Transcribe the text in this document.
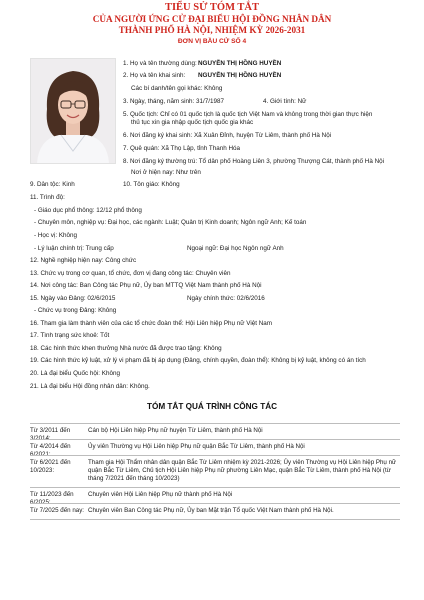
TIỂU SỬ TÓM TẮT
CỦA NGƯỜI ỨNG CỬ ĐẠI BIỂU HỘI ĐỒNG NHÂN DÂN
THÀNH PHỐ HÀ NỘI, NHIỆM KỲ 2026-2031
ĐƠN VỊ BẦU CỬ SỐ 4
1. Họ và tên thường dùng: NGUYỄN THỊ HỒNG HUYỀN
2. Họ và tên khai sinh: NGUYỄN THỊ HỒNG HUYỀN
Các bí danh/tên gọi khác: Không
3. Ngày, tháng, năm sinh: 31/7/1987	4. Giới tính: Nữ
5. Quốc tịch: Chỉ có 01 quốc tịch là quốc tịch Việt Nam và không trong thời gian thực hiện
thủ tục xin gia nhập quốc tịch quốc gia khác
6. Nơi đăng ký khai sinh: Xã Xuân Đỉnh, huyện Từ Liêm, thành phố Hà Nội
7. Quê quán: Xã Thọ Lập, tỉnh Thanh Hóa
8. Nơi đăng ký thường trú: Tổ dân phố Hoàng Liên 3, phường Thượng Cát, thành phố Hà Nội
Nơi ở hiện nay: Như trên
9. Dân tộc: Kinh	10. Tôn giáo: Không
11. Trình độ:
- Giáo dục phổ thông: 12/12 phổ thông
- Chuyên môn, nghiệp vụ: Đại học, các ngành: Luật; Quản trị Kinh doanh; Ngôn ngữ Anh; Kế toán
- Học vị: Không
- Lý luận chính trị: Trung cấp	Ngoại ngữ: Đại học Ngôn ngữ Anh
12. Nghề nghiệp hiện nay: Công chức
13. Chức vụ trong cơ quan, tổ chức, đơn vị đang công tác: Chuyên viên
14. Nơi công tác: Ban Công tác Phụ nữ, Ủy ban MTTQ Việt Nam thành phố Hà Nội
15. Ngày vào Đảng: 02/6/2015	Ngày chính thức: 02/6/2016
- Chức vụ trong Đảng: Không
16. Tham gia làm thành viên của các tổ chức đoàn thể: Hội Liên hiệp Phụ nữ Việt Nam
17. Tình trạng sức khoẻ: Tốt
18. Các hình thức khen thưởng Nhà nước đã được trao tặng: Không
19. Các hình thức kỷ luật, xử lý vi phạm đã bị áp dụng (Đảng, chính quyền, đoàn thể): Không bị kỷ luật, không có án tích
20. Là đại biểu Quốc hội: Không
21. Là đại biểu Hội đồng nhân dân: Không.
TÓM TẮT QUÁ TRÌNH CÔNG TÁC
Từ 3/2011 đến 3/2014:
Cán bộ Hội Liên hiệp Phụ nữ huyện Từ Liêm, thành phố Hà Nội
Từ 4/2014 đến 6/2021:
Ủy viên Thường vụ Hội Liên hiệp Phụ nữ quận Bắc Từ Liêm, thành phố Hà Nội
Từ 6/2021 đến 10/2023:
Tham gia Hội Thẩm nhân dân quận Bắc Từ Liêm nhiệm kỳ 2021-2026; Ủy viên Thường vụ Hội Liên hiệp Phụ nữ quận Bắc Từ Liêm, Chủ tịch Hội Liên hiệp Phụ nữ phường Liên Mạc, quận Bắc Từ Liêm, thành phố Hà Nội (từ tháng 7/2021 đến tháng 10/2023)
Từ 11/2023 đến 6/2025:
Chuyên viên Hội Liên hiệp Phụ nữ thành phố Hà Nội
Từ 7/2025 đến nay: Chuyên viên Ban Công tác Phụ nữ, Ủy ban Mặt trận Tổ quốc Việt Nam thành phố Hà Nội.
